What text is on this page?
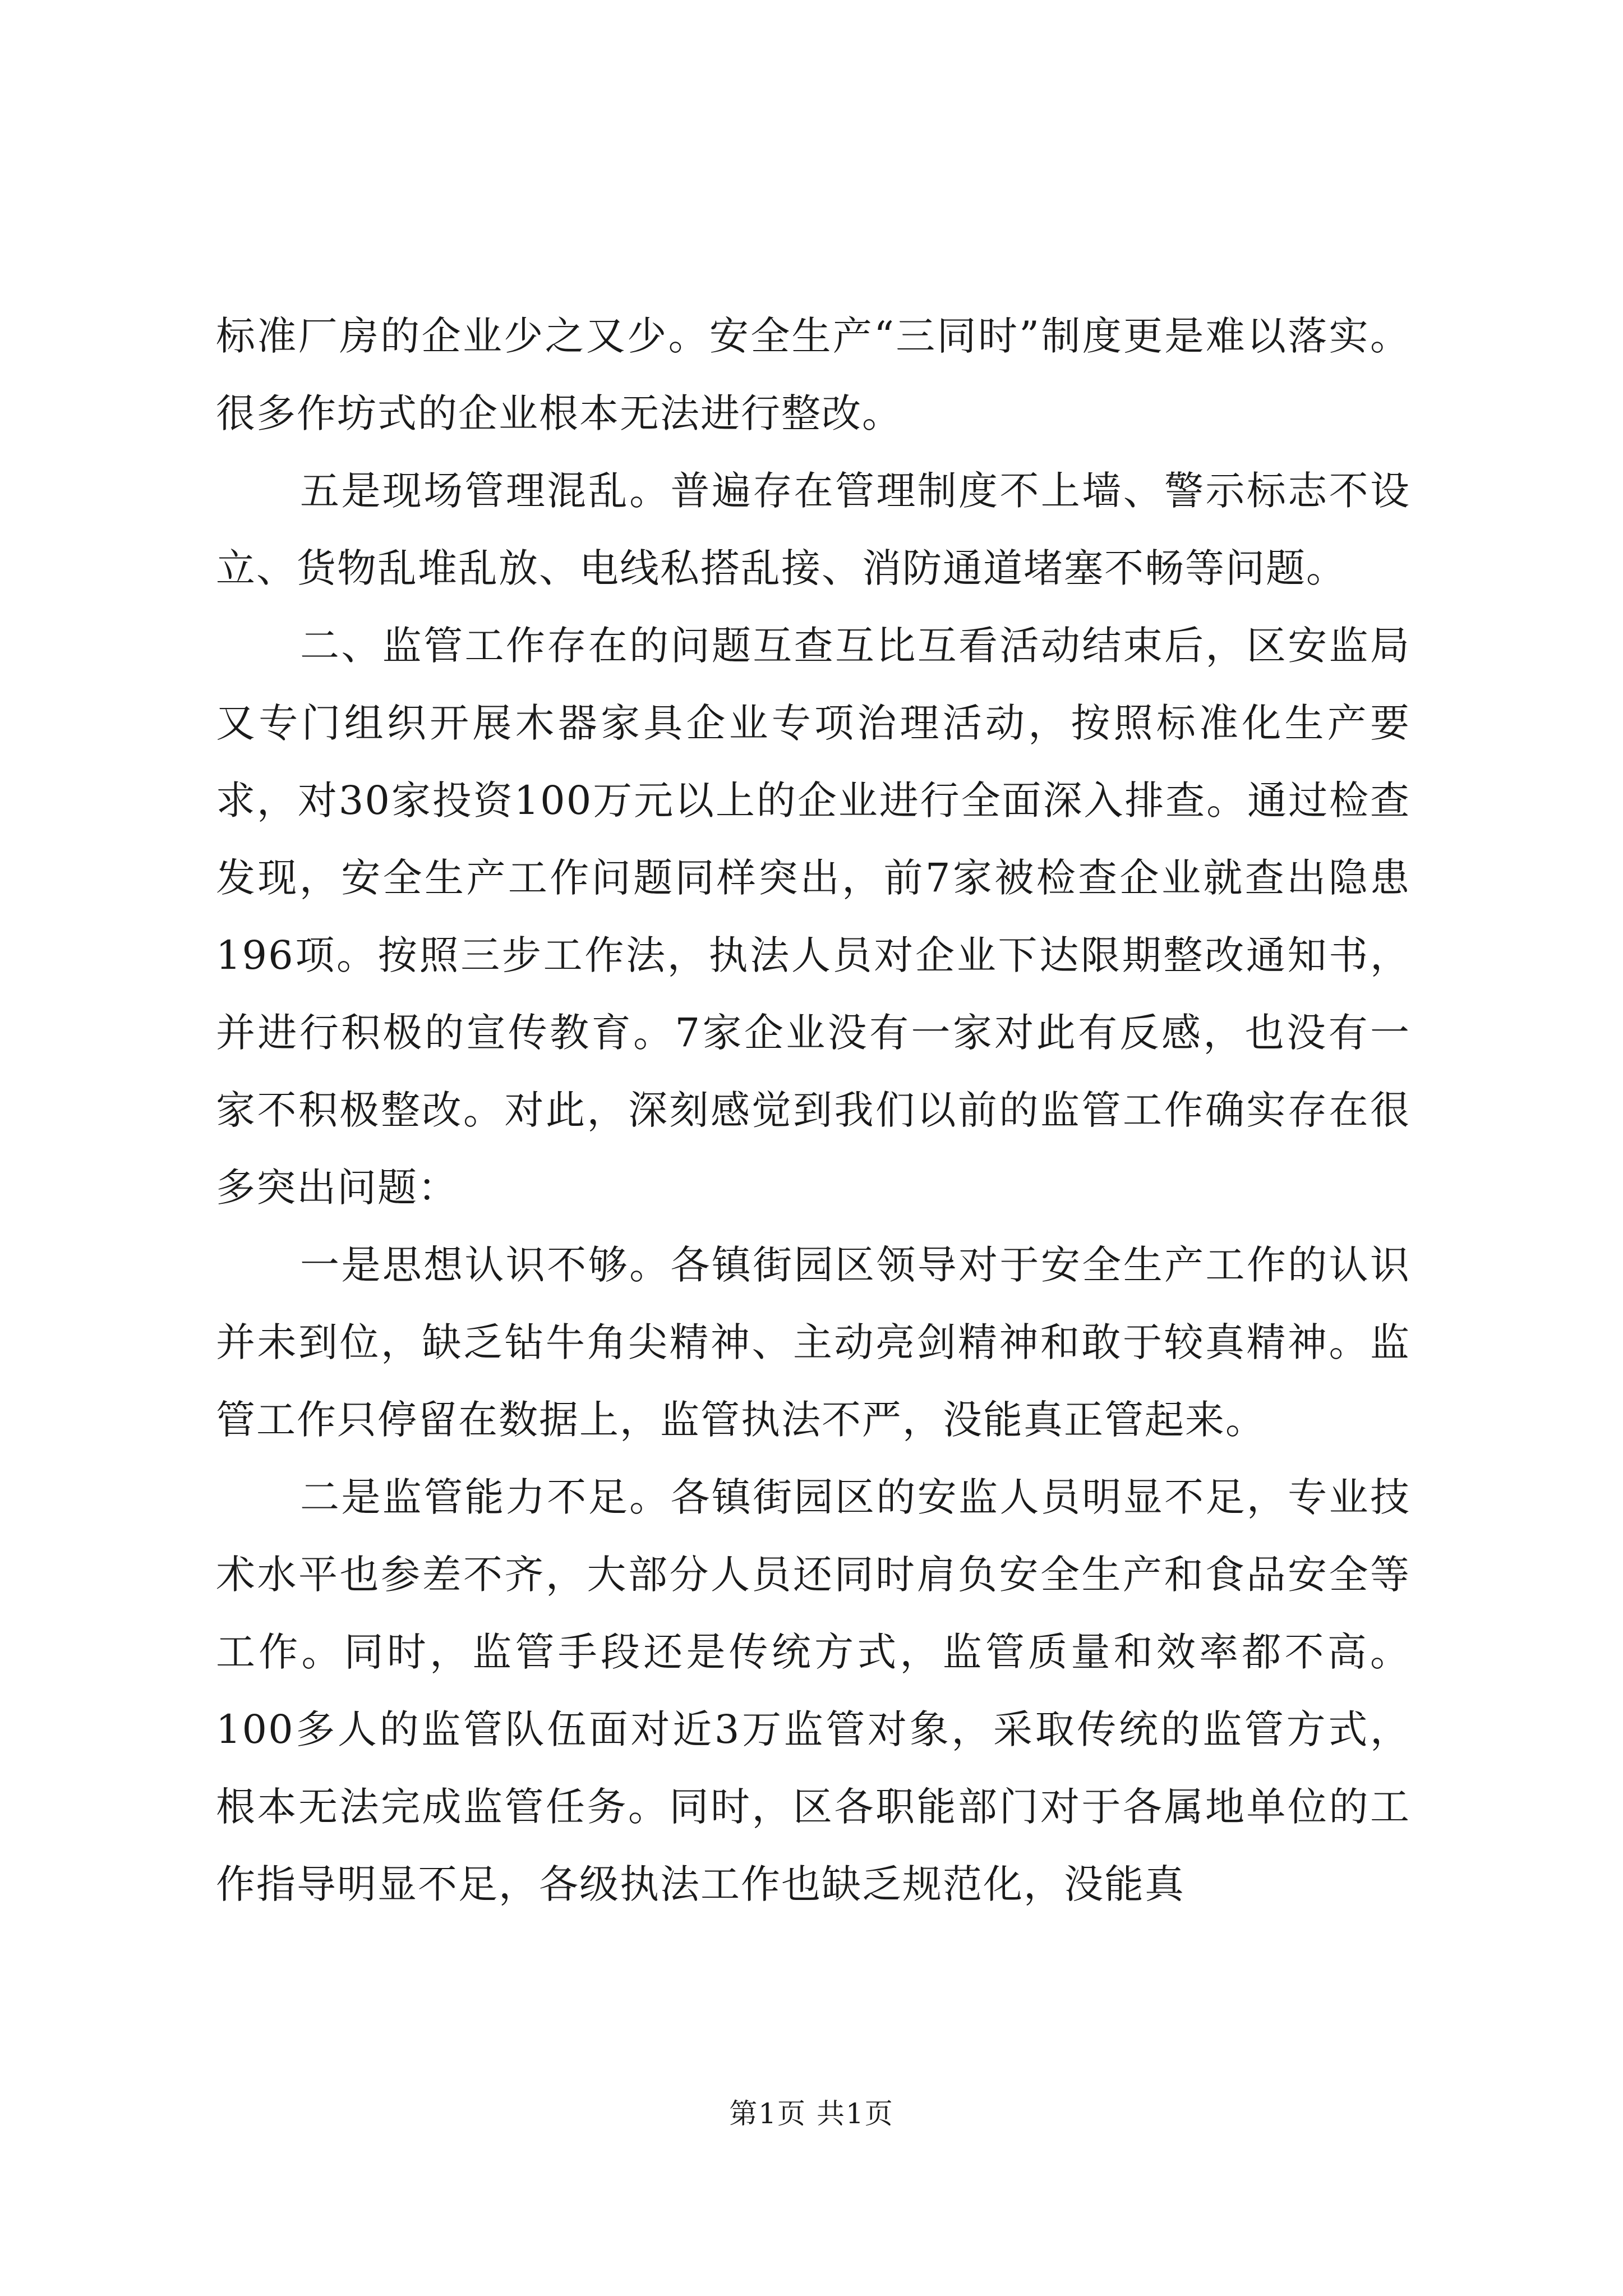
标准厂房的企业少之又少。安全生产“三同时”制度更是难以落实。很多作坊式的企业根本无法进行整改。

五是现场管理混乱。普遍存在管理制度不上墙、警示标志不设立、货物乱堆乱放、电线私搭乱接、消防通道堵塞不畅等问题。

二、监管工作存在的问题互查互比互看活动结束后，区安监局又专门组织开展木器家具企业专项治理活动，按照标准化生产要求，对30家投资100万元以上的企业进行全面深入排查。通过检查发现，安全生产工作问题同样突出，前7家被检查企业就查出隐患196项。按照三步工作法，执法人员对企业下达限期整改通知书，并进行积极的宣传教育。7家企业没有一家对此有反感，也没有一家不积极整改。对此，深刻感觉到我们以前的监管工作确实存在很多突出问题：

一是思想认识不够。各镇街园区领导对于安全生产工作的认识并未到位，缺乏钻牛角尖精神、主动亮剑精神和敢于较真精神。监管工作只停留在数据上，监管执法不严，没能真正管起来。

二是监管能力不足。各镇街园区的安监人员明显不足，专业技术水平也参差不齐，大部分人员还同时肩负安全生产和食品安全等工作。同时，监管手段还是传统方式，监管质量和效率都不高。100多人的监管队伍面对近3万监管对象，采取传统的监管方式，根本无法完成监管任务。同时，区各职能部门对于各属地单位的工作指导明显不足，各级执法工作也缺乏规范化，没能真

第1页 共1页
